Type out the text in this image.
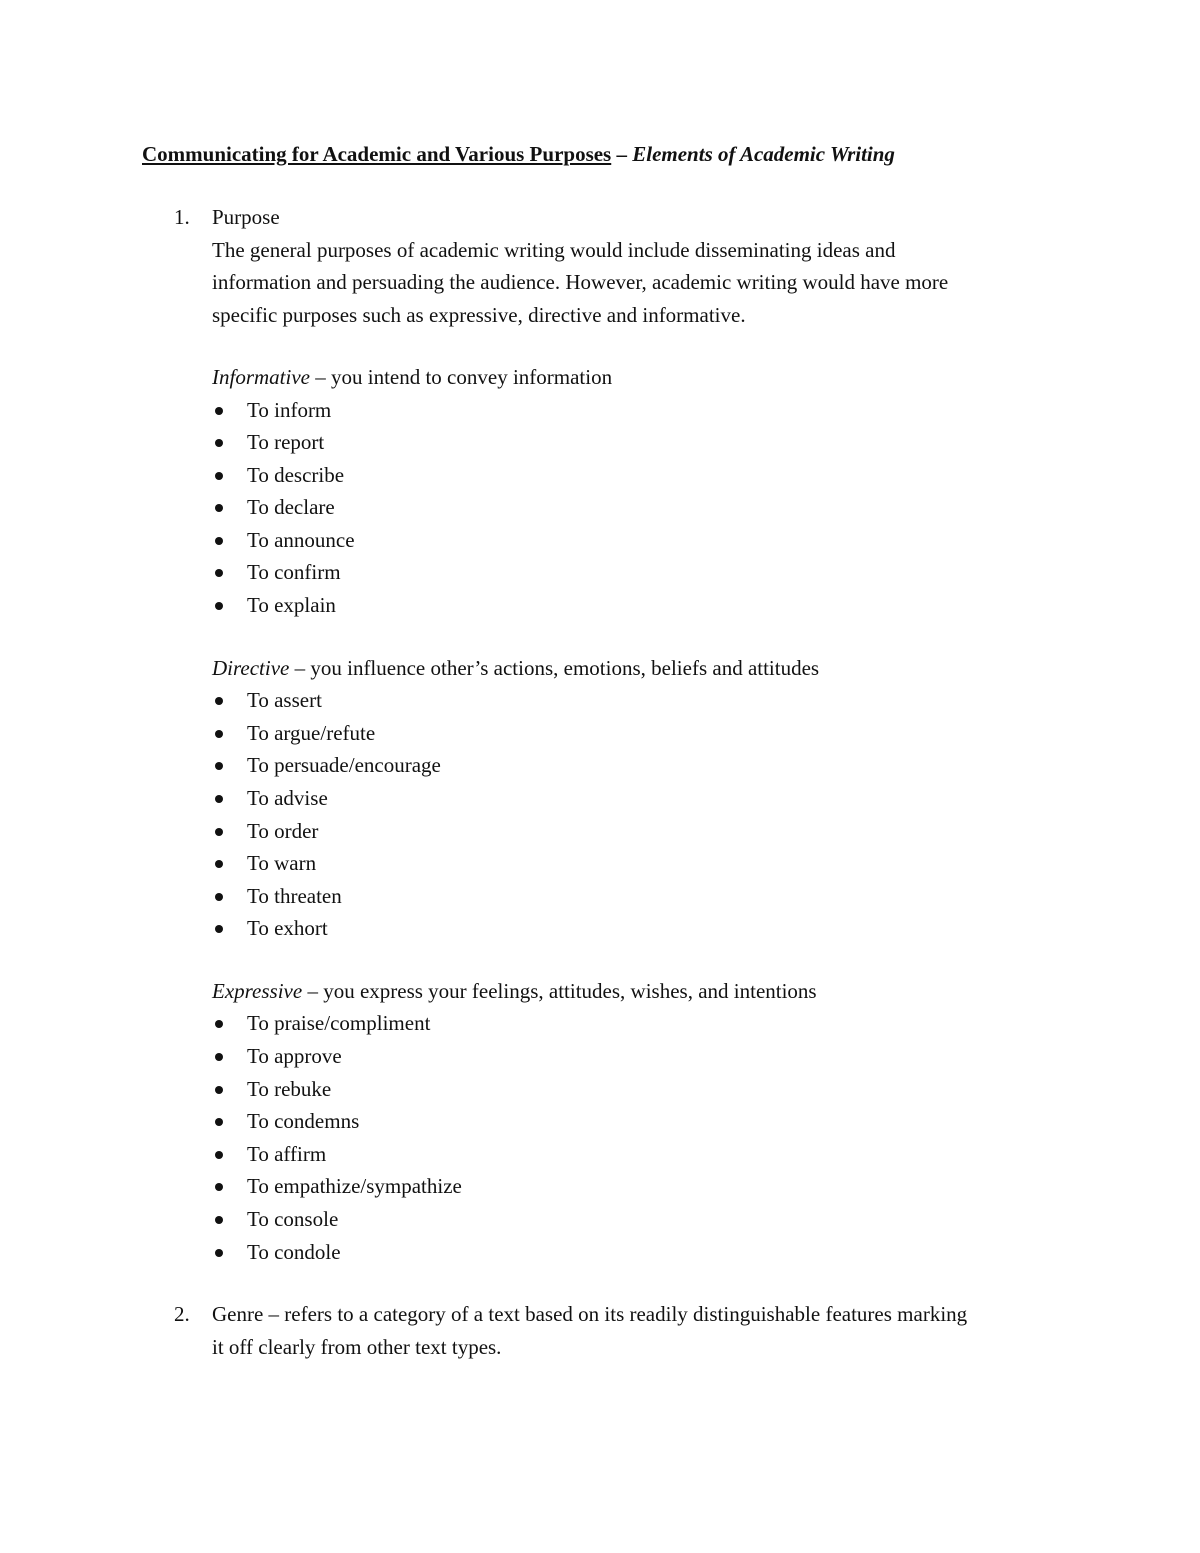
Communicating for Academic and Various Purposes – Elements of Academic Writing
1. Purpose
The general purposes of academic writing would include disseminating ideas and
information and persuading the audience. However, academic writing would have more
specific purposes such as expressive, directive and informative.
Informative – you intend to convey information
To inform
To report
To describe
To declare
To announce
To confirm
To explain
Directive – you influence other’s actions, emotions, beliefs and attitudes
To assert
To argue/refute
To persuade/encourage
To advise
To order
To warn
To threaten
To exhort
Expressive – you express your feelings, attitudes, wishes, and intentions
To praise/compliment
To approve
To rebuke
To condemns
To affirm
To empathize/sympathize
To console
To condole
2. Genre – refers to a category of a text based on its readily distinguishable features marking
it off clearly from other text types.
